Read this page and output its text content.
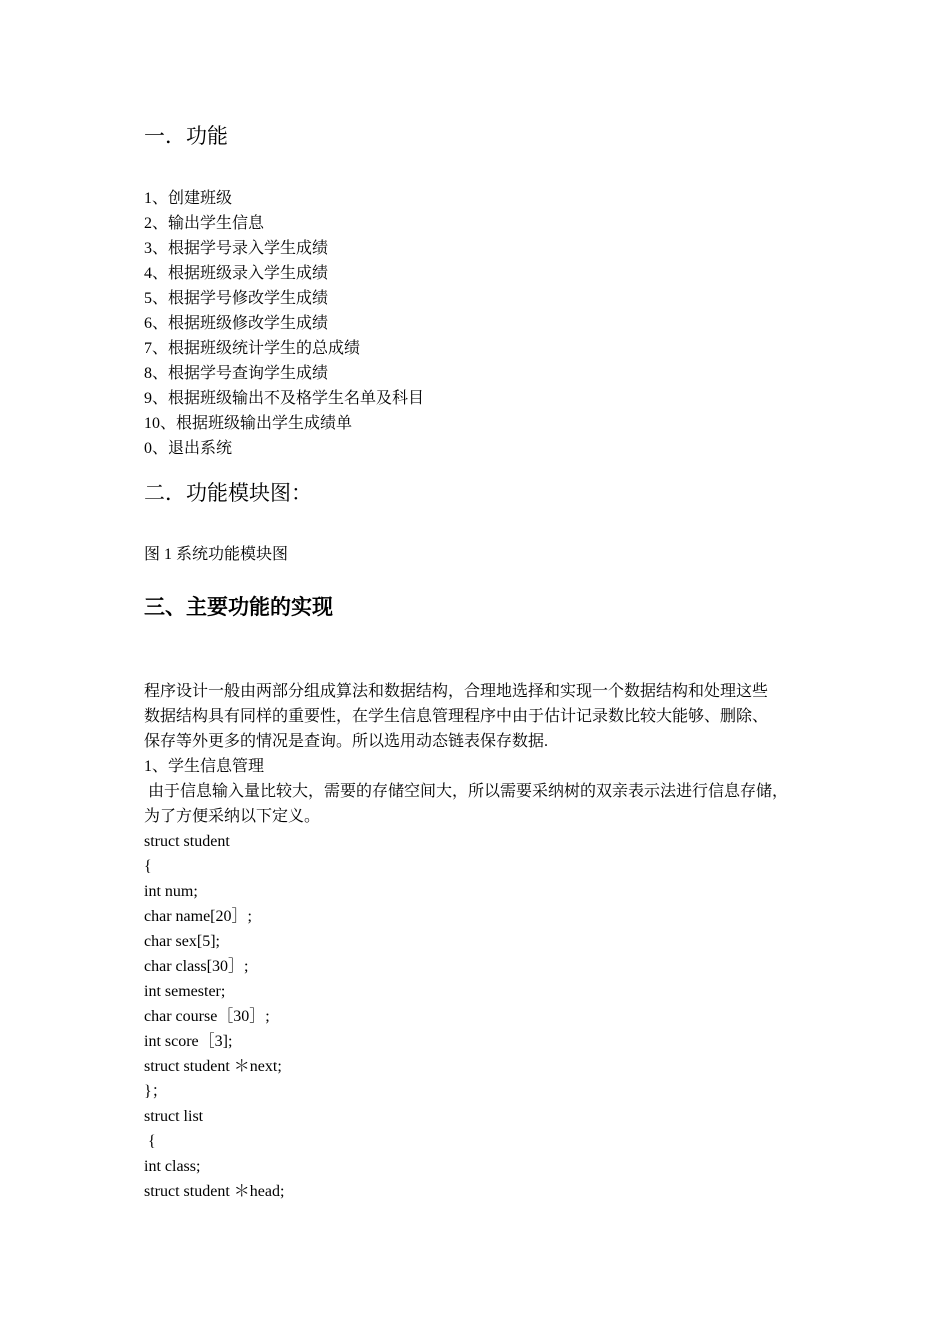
一．功能
1、创建班级
2、输出学生信息
3、根据学号录入学生成绩
4、根据班级录入学生成绩
5、根据学号修改学生成绩
6、根据班级修改学生成绩
7、根据班级统计学生的总成绩
8、根据学号查询学生成绩
9、根据班级输出不及格学生名单及科目
10、根据班级输出学生成绩单
0、退出系统
二．功能模块图：

图 1 系统功能模块图

三、主要功能的实现

程序设计一般由两部分组成算法和数据结构，合理地选择和实现一个数据结构和处理这些

数据结构具有同样的重要性，在学生信息管理程序中由于估计记录数比较大能够、删除、

保存等外更多的情况是查询。所以选用动态链表保存数据.

1、学生信息管理

由于信息输入量比较大，需要的存储空间大，所以需要采纳树的双亲表示法进行信息存储，

为了方便采纳以下定义。

struct student

{

int num;

char name[20］;

char sex[5];

char class[30］;

int semester;

char course［30］;

int score［3];

struct student ＊next;

}；

struct list

{

int class;

struct student ＊head;
